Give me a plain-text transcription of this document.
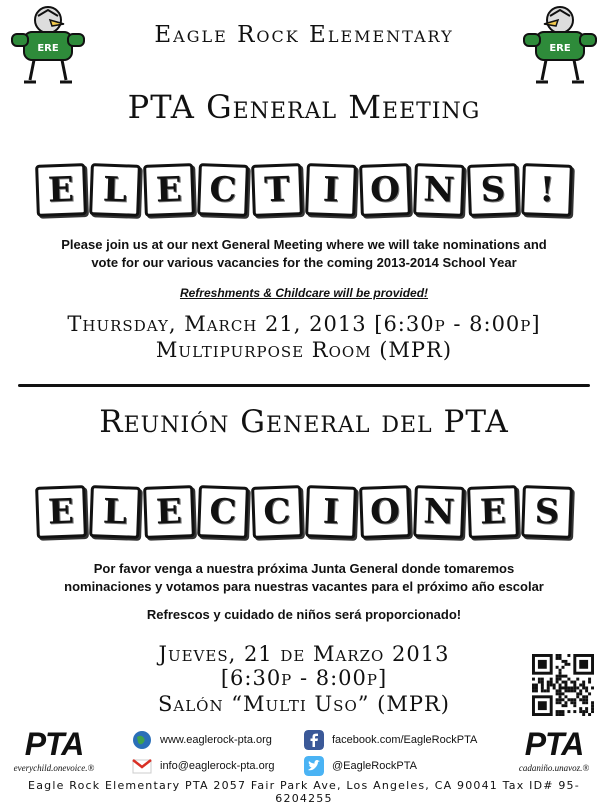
ERE	ERE
Eagle Rock Elementary
PTA General Meeting
E L E C T I O N S !
Please join us at our next General Meeting where we will take nominations and
vote for our various vacancies for the coming 2013-2014 School Year
Refreshments & Childcare will be provided!
Thursday, March 21, 2013 [6:30p - 8:00p]
Multipurpose Room (MPR)
Reunión General del PTA
E L E C C I O N E S
Por favor venga a nuestra próxima Junta General donde tomaremos
nominaciones y votamos para nuestras vacantes para el próximo año escolar
Refrescos y cuidado de niños será proporcionado!
Jueves, 21 de Marzo 2013
[6:30p - 8:00p]
Salón “Multi Uso” (MPR)
PTA
everychild.onevoice.®
PTA
cadaniño.unavoz.®
www.eaglerock-pta.org
info@eaglerock-pta.org
facebook.com/EagleRockPTA
@EagleRockPTA
Eagle Rock Elementary PTA 2057 Fair Park Ave, Los Angeles, CA 90041 Tax ID# 95-6204255
